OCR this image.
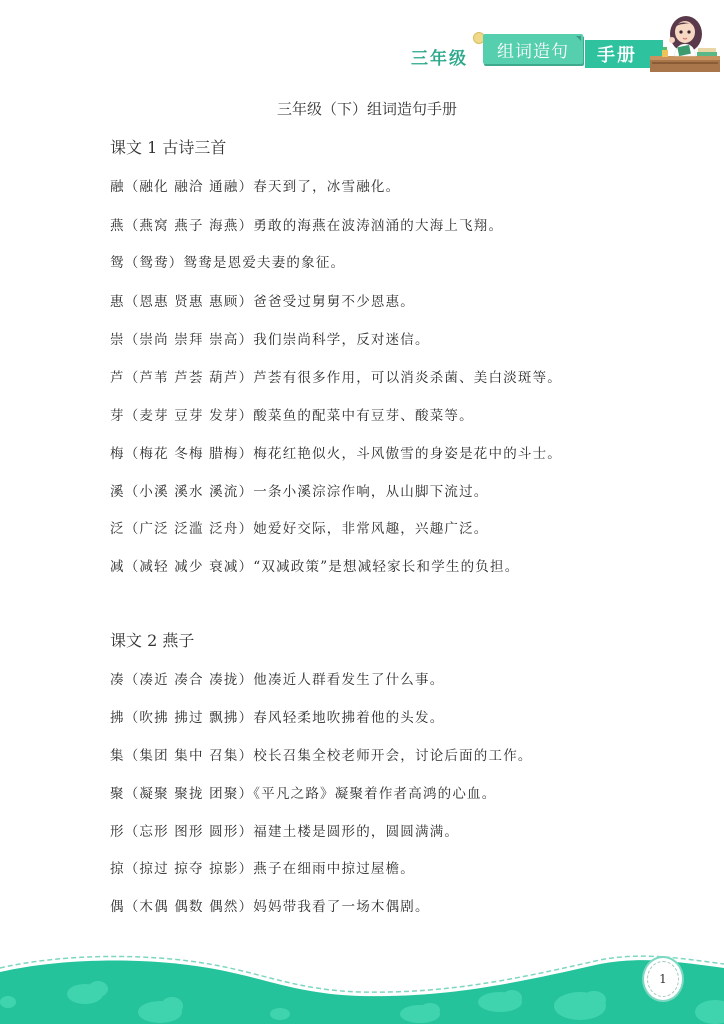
三年级 组词造句 手册
三年级（下）组词造句手册
课文 1 古诗三首
融（融化 融洽 通融）春天到了，冰雪融化。
燕（燕窝 燕子 海燕）勇敢的海燕在波涛汹涌的大海上飞翔。
鸳（鸳鸯）鸳鸯是恩爱夫妻的象征。
惠（恩惠 贤惠 惠顾）爸爸受过舅舅不少恩惠。
崇（崇尚 崇拜 崇高）我们崇尚科学，反对迷信。
芦（芦苇 芦荟 葫芦）芦荟有很多作用，可以消炎杀菌、美白淡斑等。
芽（麦芽 豆芽 发芽）酸菜鱼的配菜中有豆芽、酸菜等。
梅（梅花 冬梅 腊梅）梅花红艳似火，斗风傲雪的身姿是花中的斗士。
溪（小溪 溪水 溪流）一条小溪淙淙作响，从山脚下流过。
泛（广泛 泛滥 泛舟）她爱好交际，非常风趣，兴趣广泛。
减（减轻 减少 衰减）“双减政策”是想减轻家长和学生的负担。
课文 2 燕子
凑（凑近 凑合 凑拢）他凑近人群看发生了什么事。
拂（吹拂 拂过 飘拂）春风轻柔地吹拂着他的头发。
集（集团 集中 召集）校长召集全校老师开会，讨论后面的工作。
聚（凝聚 聚拢 团聚）《平凡之路》凝聚着作者高鸿的心血。
形（忘形 图形 圆形）福建土楼是圆形的，圆圆满满。
掠（掠过 掠夺 掠影）燕子在细雨中掠过屋檐。
偶（木偶 偶数 偶然）妈妈带我看了一场木偶剧。
1
